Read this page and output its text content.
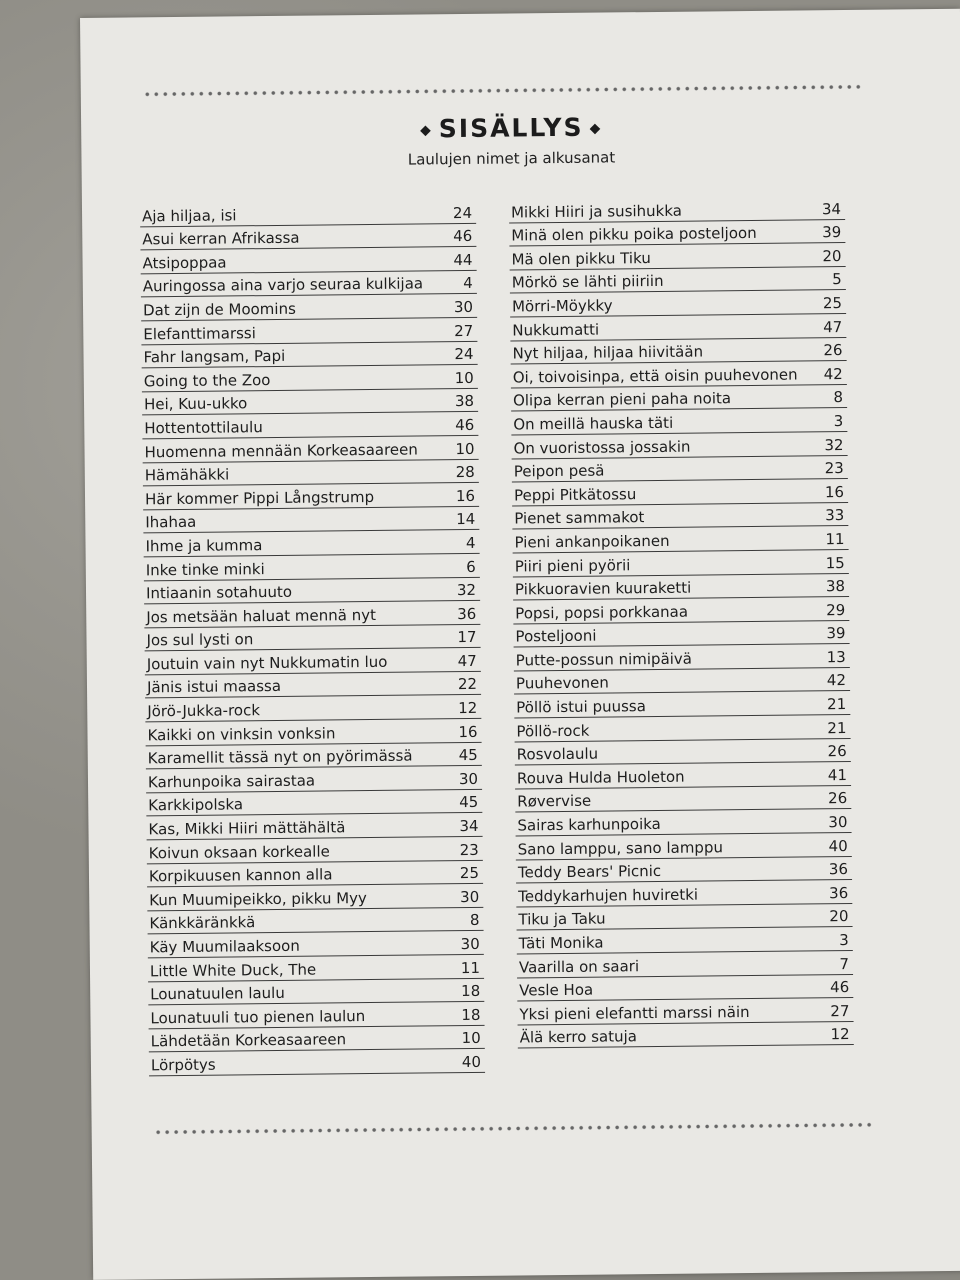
◆ SISÄLLYS ◆
Laulujen nimet ja alkusanat
Aja hiljaa, isi	24
Asui kerran Afrikassa	46
Atsipoppaa	44
Auringossa aina varjo seuraa kulkijaa	4
Dat zijn de Moomins	30
Elefanttimarssi	27
Fahr langsam, Papi	24
Going to the Zoo	10
Hei, Kuu-ukko	38
Hottentottilaulu	46
Huomenna mennään Korkeasaareen 10
Hämähäkki	28
Här kommer Pippi Långstrump	16
Ihahaa	14
Ihme ja kumma	4
Inke tinke minki	6
Intiaanin sotahuuto	32
Jos metsään haluat mennä nyt	36
Jos sul lysti on	17
Joutuin vain nyt Nukkumatin luo	47
Jänis istui maassa	22
Jörö-Jukka-rock	12
Kaikki on vinksin vonksin	16
Karamellit tässä nyt on pyörimässä	45
Karhunpoika sairastaa	30
Karkkipolska	45
Kas, Mikki Hiiri mättähältä	34
Koivun oksaan korkealle	23
Korpikuusen kannon alla	25
Kun Muumipeikko, pikku Myy	30
Känkkäränkkä	8
Käy Muumilaaksoon	30
Little White Duck, The	11
Lounatuulen laulu	18
Lounatuuli tuo pienen laulun	18
Lähdetään Korkeasaareen	10
Lörpötys	40
Mikki Hiiri ja susihukka	34
Minä olen pikku poika posteljoon	39
Mä olen pikku Tiku	20
Mörkö se lähti piiriin	5
Mörri-Möykky	25
Nukkumatti	47
Nyt hiljaa, hiljaa hiivitään	26
Oi, toivoisinpa, että oisin puuhevonen 42
Olipa kerran pieni paha noita	8
On meillä hauska täti	3
On vuoristossa jossakin	32
Peipon pesä	23
Peppi Pitkätossu	16
Pienet sammakot	33
Pieni ankanpoikanen	11
Piiri pieni pyörii	15
Pikkuoravien kuuraketti	38
Popsi, popsi porkkanaa	29
Posteljooni	39
Putte-possun nimipäivä	13
Puuhevonen	42
Pöllö istui puussa	21
Pöllö-rock	21
Rosvolaulu	26
Rouva Hulda Huoleton	41
Røvervise	26
Sairas karhunpoika	30
Sano lamppu, sano lamppu	40
Teddy Bears' Picnic	36
Teddykarhujen huviretki	36
Tiku ja Taku	20
Täti Monika	3
Vaarilla on saari	7
Vesle Hoa	46
Yksi pieni elefantti marssi näin	27
Älä kerro satuja	12
